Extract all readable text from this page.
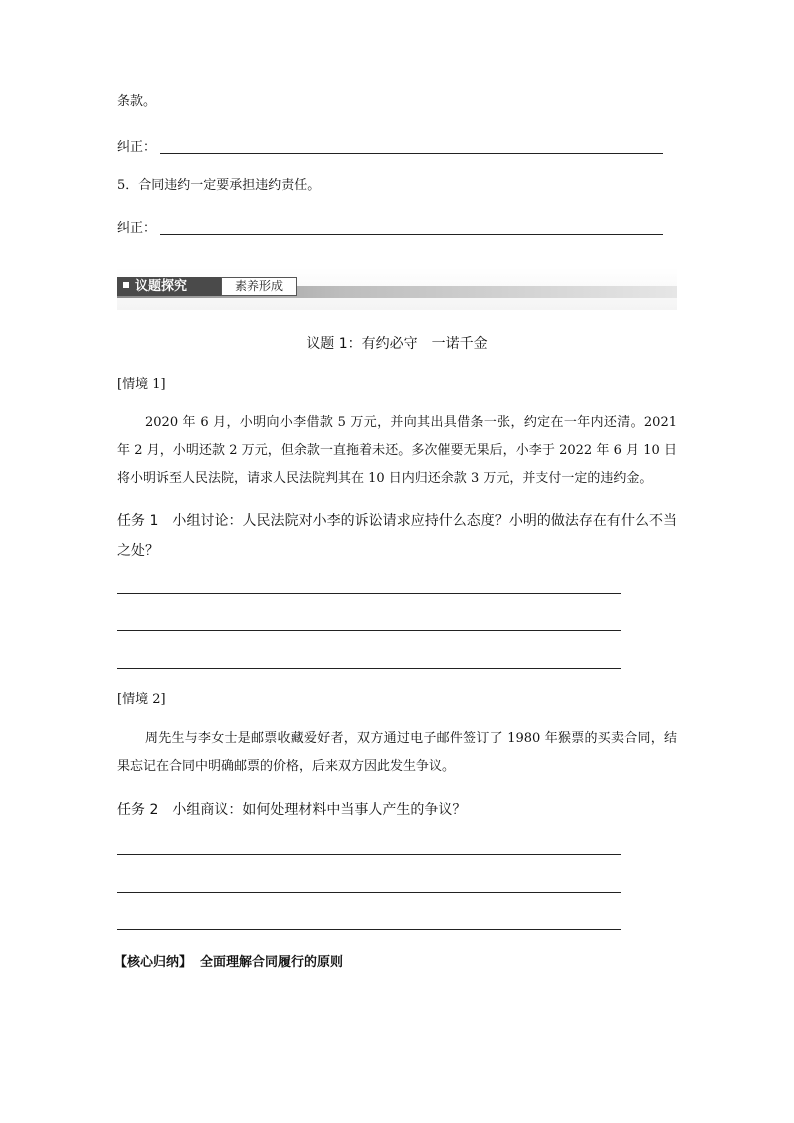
条款。
纠正：
5．合同违约一定要承担违约责任。
纠正：
议题探究	素养形成
议题 1：有约必守　一诺千金
[情境 1]
2020 年 6 月，小明向小李借款 5 万元，并向其出具借条一张，约定在一年内还清。2021 年 2 月，小明还款 2 万元，但余款一直拖着未还。多次催要无果后，小李于 2022 年 6 月 10 日将小明诉至人民法院，请求人民法院判其在 10 日内归还余款 3 万元，并支付一定的违约金。
任务 1　小组讨论：人民法院对小李的诉讼请求应持什么态度？小明的做法存在有什么不当之处？
[情境 2]
周先生与李女士是邮票收藏爱好者，双方通过电子邮件签订了 1980 年猴票的买卖合同，结果忘记在合同中明确邮票的价格，后来双方因此发生争议。
任务 2　小组商议：如何处理材料中当事人产生的争议？
【核心归纳】 全面理解合同履行的原则
